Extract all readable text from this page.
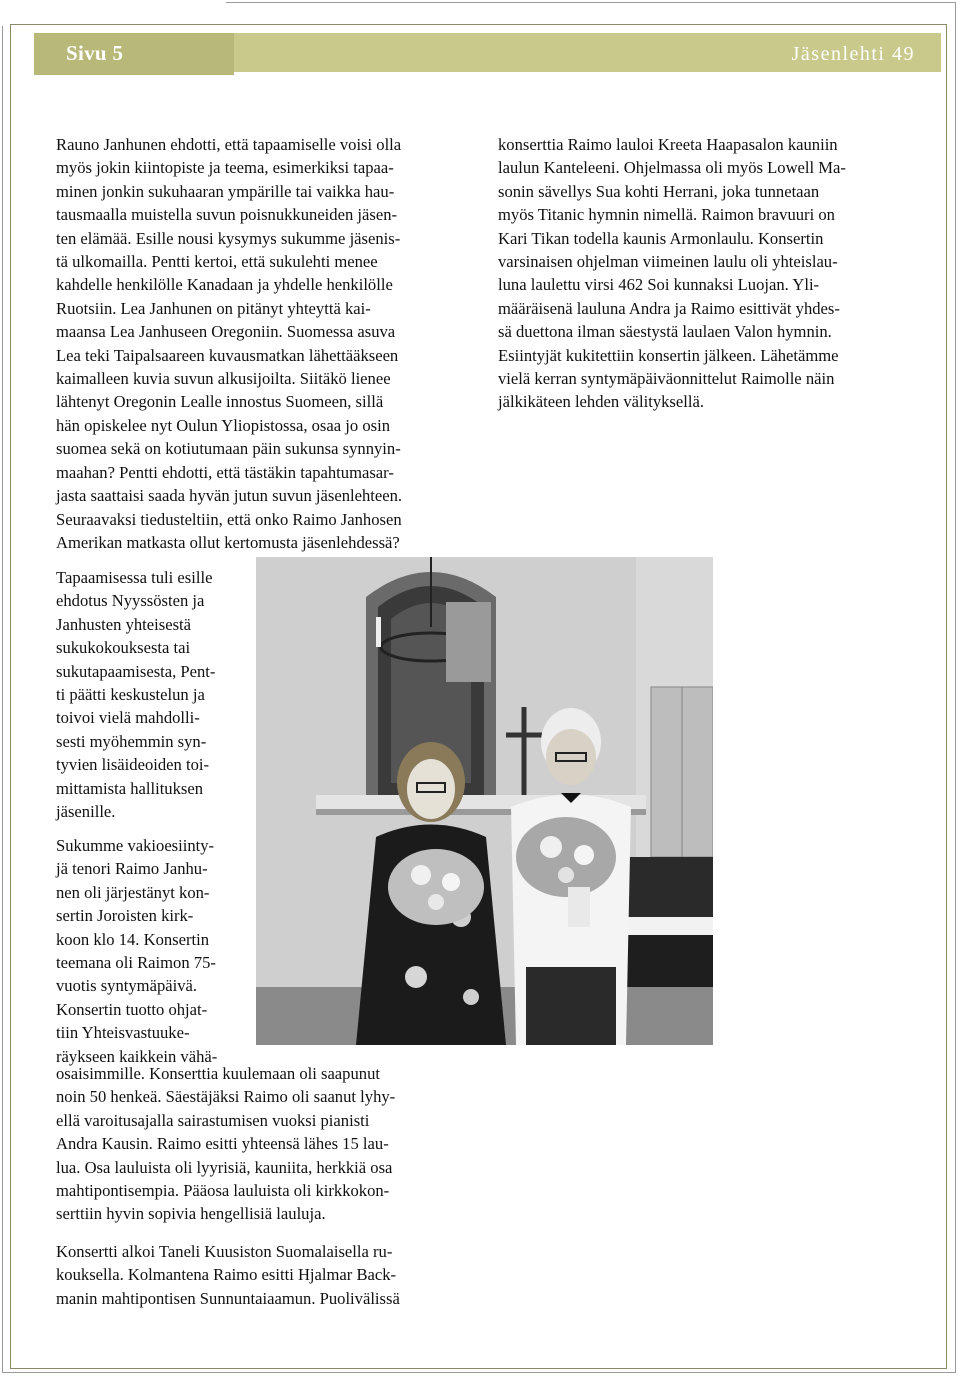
Sivu 5	Jäsenlehti 49
Rauno Janhunen ehdotti, että tapaamiselle voisi olla
myös jokin kiintopiste ja teema, esimerkiksi tapaa-
minen jonkin sukuhaaran ympärille tai vaikka hau-
tausmaalla muistella suvun poisnukkuneiden jäsen-
ten elämää. Esille nousi kysymys sukumme jäsenis-
tä ulkomailla. Pentti kertoi, että sukulehti menee
kahdelle henkilölle Kanadaan ja yhdelle henkilölle
Ruotsiin. Lea Janhunen on pitänyt yhteyttä kai-
maansa Lea Janhuseen Oregoniin. Suomessa asuva
Lea teki Taipalsaareen kuvausmatkan lähettääkseen
kaimalleen kuvia suvun alkusijoilta. Siitäkö lienee
lähtenyt Oregonin Lealle innostus Suomeen, sillä
hän opiskelee nyt Oulun Yliopistossa, osaa jo osin
suomea sekä on kotiutumaan päin sukunsa synnyin-
maahan? Pentti ehdotti, että tästäkin tapahtumasar-
jasta saattaisi saada hyvän jutun suvun jäsenlehteen.
Seuraavaksi tiedusteltiin, että onko Raimo Janhosen
Amerikan matkasta ollut kertomusta jäsenlehdessä?
konserttia Raimo lauloi Kreeta Haapasalon kauniin
laulun Kanteleeni. Ohjelmassa oli myös Lowell Ma-
sonin sävellys Sua kohti Herrani, joka tunnetaan
myös Titanic hymnin nimellä. Raimon bravuuri on
Kari Tikan todella kaunis Armonlaulu. Konsertin
varsinaisen ohjelman viimeinen laulu oli yhteislau-
luna laulettu virsi 462 Soi kunnaksi Luojan. Yli-
määräisenä lauluna Andra ja Raimo esittivät yhdes-
sä duettona ilman säestystä laulaen Valon hymnin.
Esiintyjät kukitettiin konsertin jälkeen. Lähetämme
vielä kerran syntymäpäiväonnittelut Raimolle näin
jälkikäteen lehden välityksellä.
Tapaamisessa tuli esille
ehdotus Nyyssösten ja
Janhusten yhteisestä
sukukokouksesta tai
sukutapaamisesta, Pent-
ti päätti keskustelun ja
toivoi vielä mahdolli-
sesti myöhemmin syn-
tyvien lisäideoiden toi-
mittamista hallituksen
jäsenille.
Sukumme vakioesiinty-
jä tenori Raimo Janhu-
nen oli järjestänyt kon-
sertin Joroisten kirk-
koon klo 14. Konsertin
teemana oli Raimon 75-
vuotis syntymäpäivä.
Konsertin tuotto ohjat-
tiin Yhteisvastuuke-
räykseen kaikkein vähä-
osaisimmille. Konserttia kuulemaan oli saapunut
noin 50 henkeä. Säestäjäksi Raimo oli saanut lyhy-
ellä varoitusajalla sairastumisen vuoksi pianisti
Andra Kausin. Raimo esitti yhteensä lähes 15 lau-
lua. Osa lauluista oli lyyrisiä, kauniita, herkkiä osa
mahtipontisempia. Pääosa lauluista oli kirkkokon-
serttiin hyvin sopivia hengellisiä lauluja.
Konsertti alkoi Taneli Kuusiston Suomalaisella ru-
kouksella. Kolmantena Raimo esitti Hjalmar Back-
manin mahtipontisen Sunnuntaiaamun. Puolivälissä
